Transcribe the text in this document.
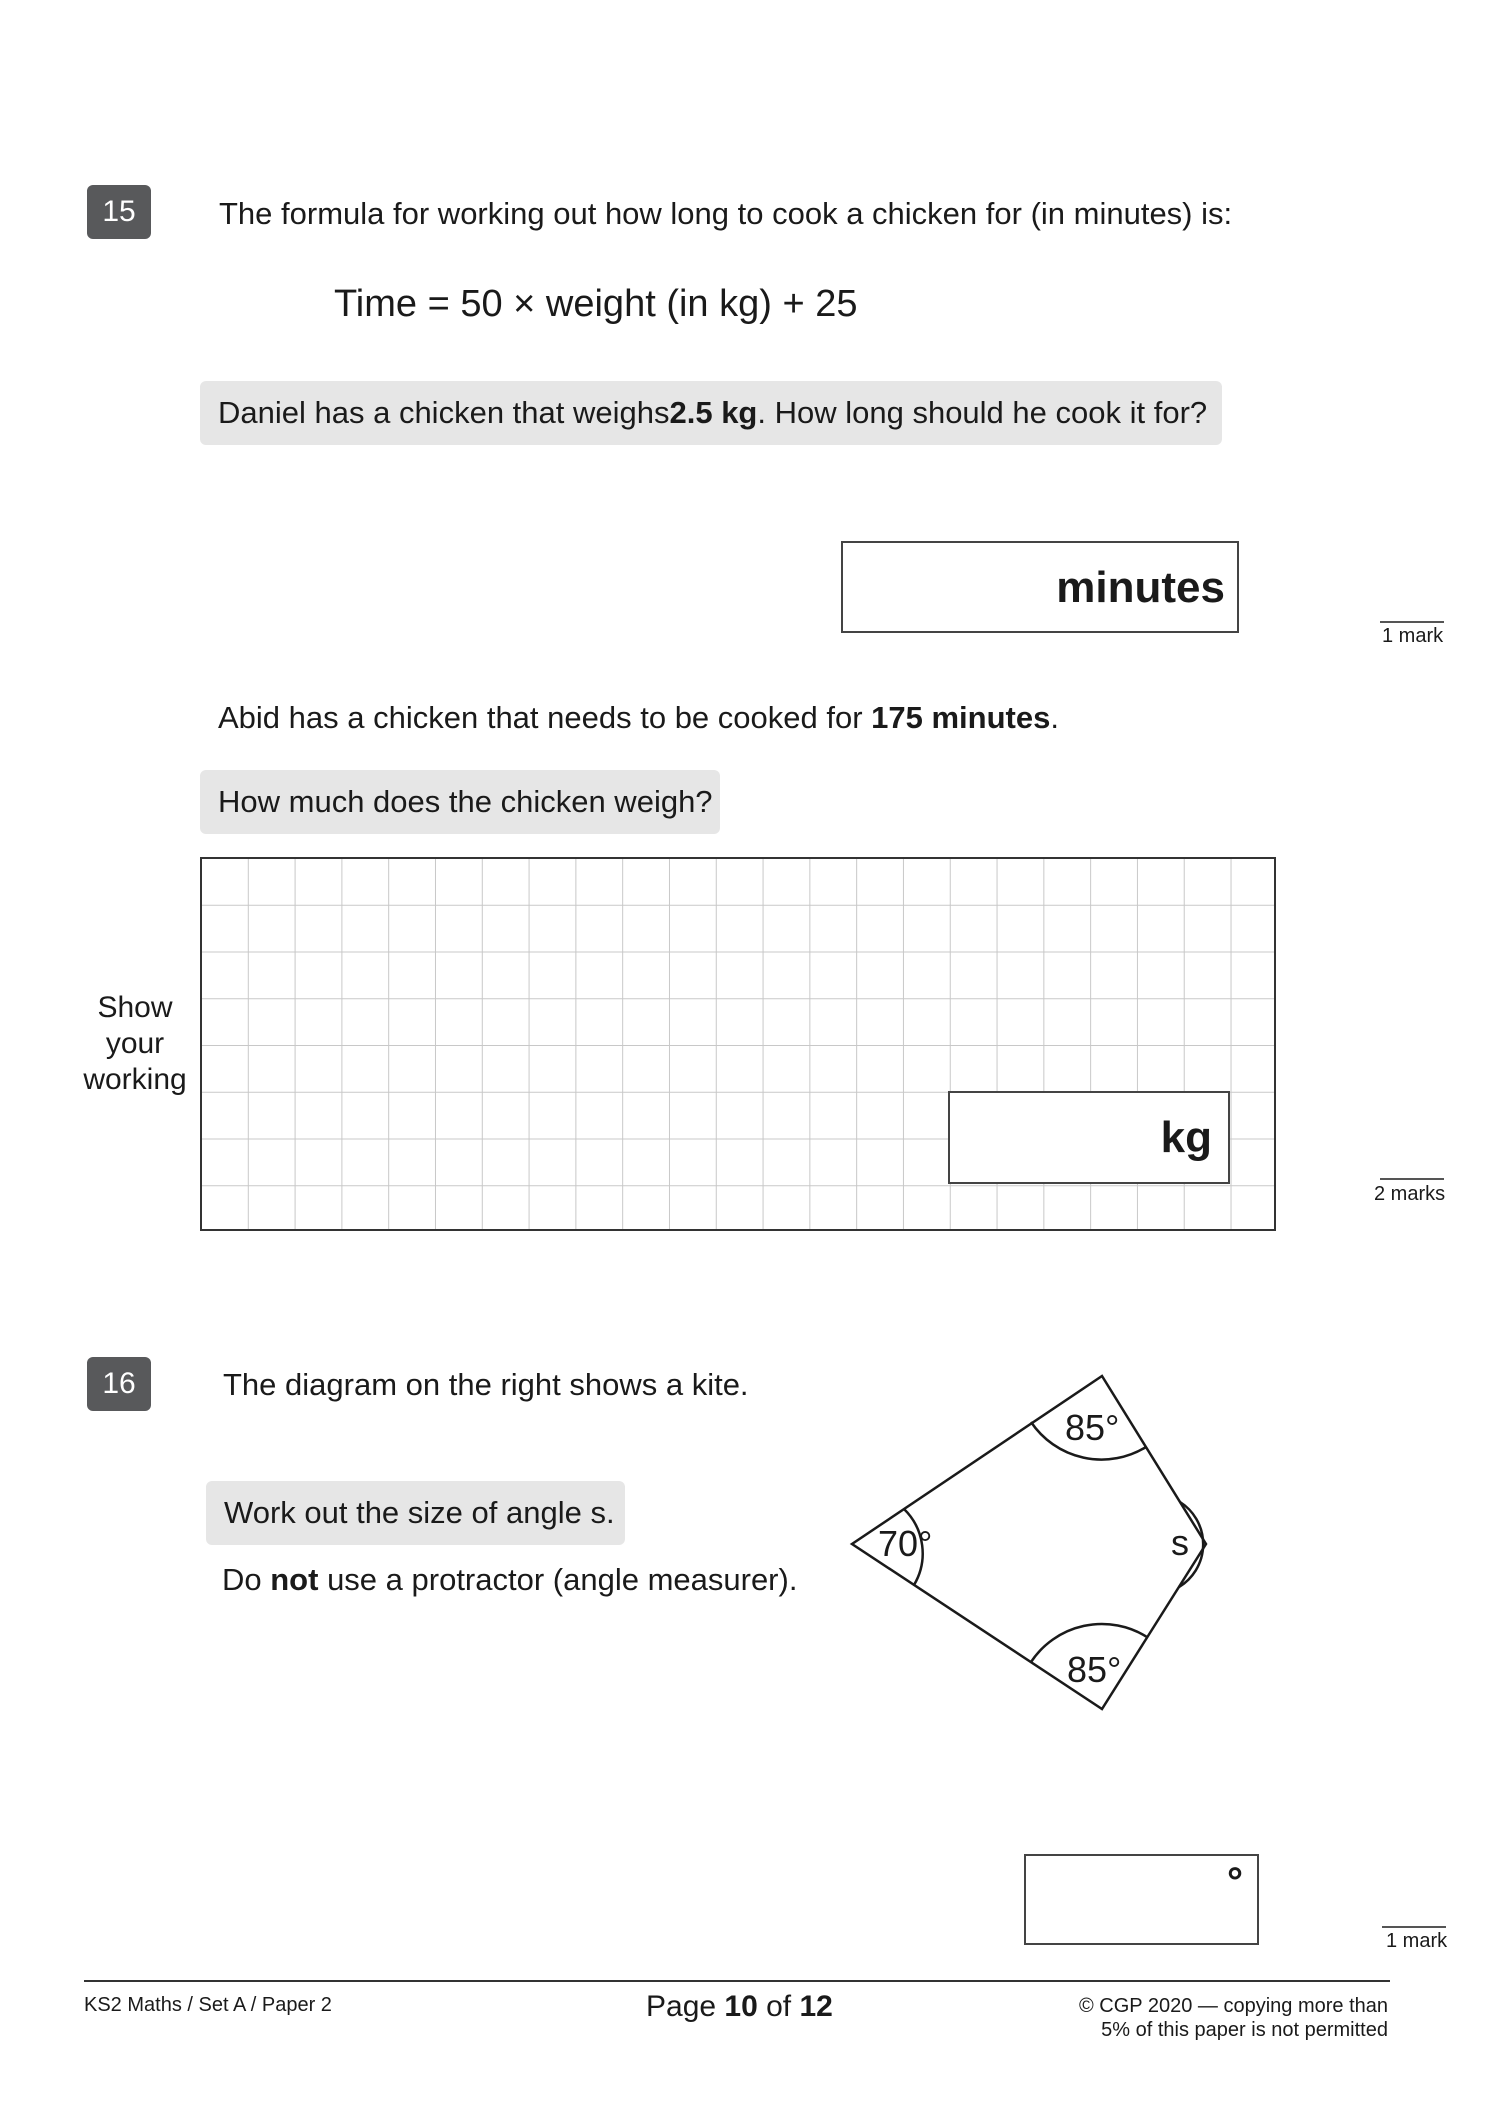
15	The formula for working out how long to cook a chicken for (in minutes) is:
Time = 50 × weight (in kg) + 25
Daniel has a chicken that weighs 2.5 kg . How long should he cook it for?
minutes
1 mark
Abid has a chicken that needs to be cooked for 175 minutes.
How much does the chicken weigh?
Show
your
working
kg
2 marks
16	The diagram on the right shows a kite.
Work out the size of angle s.
Do not use a protractor (angle measurer).
85°
70°	s
85°
°
1 mark
KS2 Maths / Set A / Paper 2	Page 10 of 12	© CGP 2020 — copying more than
5% of this paper is not permitted
